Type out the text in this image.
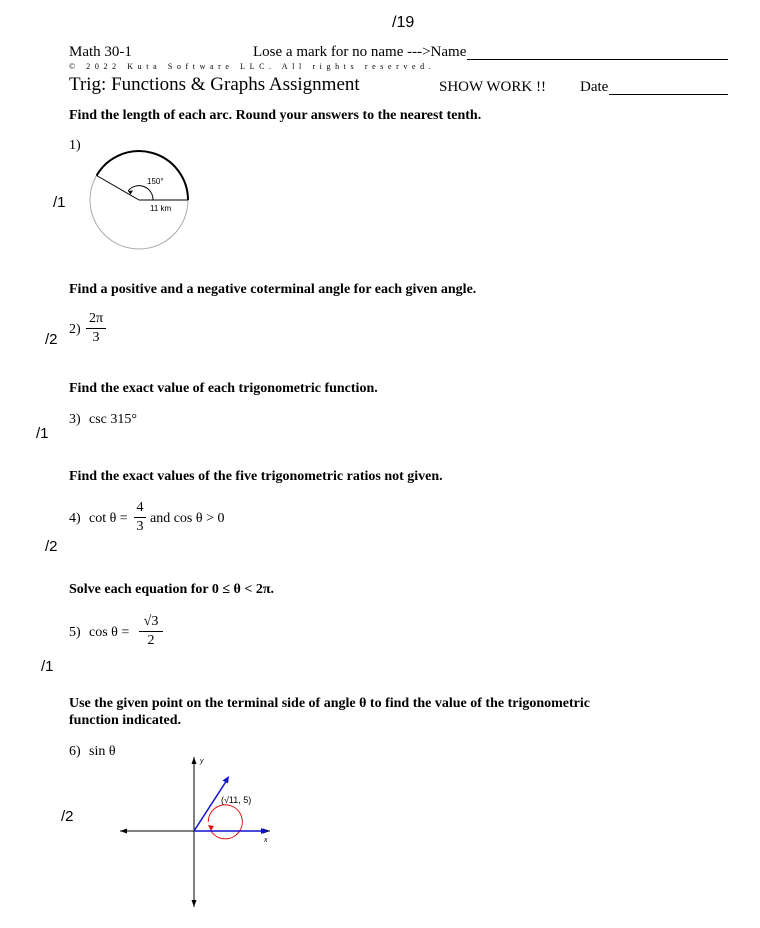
/19
Math 30-1	Lose a mark for no name --->Name
© 2022 Kuta Software LLC. All rights reserved.
Trig: Functions & Graphs Assignment	SHOW WORK !! Date
Find the length of each arc. Round your answers to the nearest tenth.
1)
/1
150°
11 km
Find a positive and a negative coterminal angle for each given angle.
/2
2)
2π
3
Find the exact value of each trigonometric function.
3) csc 315°
/1
Find the exact values of the five trigonometric ratios not given.
4) cot θ =
4
3
and cos θ > 0
/2
Solve each equation for 0 ≤ θ < 2π.
5) cos θ =
√3
2
/1
Use the given point on the terminal side of angle θ to find the value of the trigonometric
function indicated.
6) sin θ
/2
y
x
(√11, 5)
